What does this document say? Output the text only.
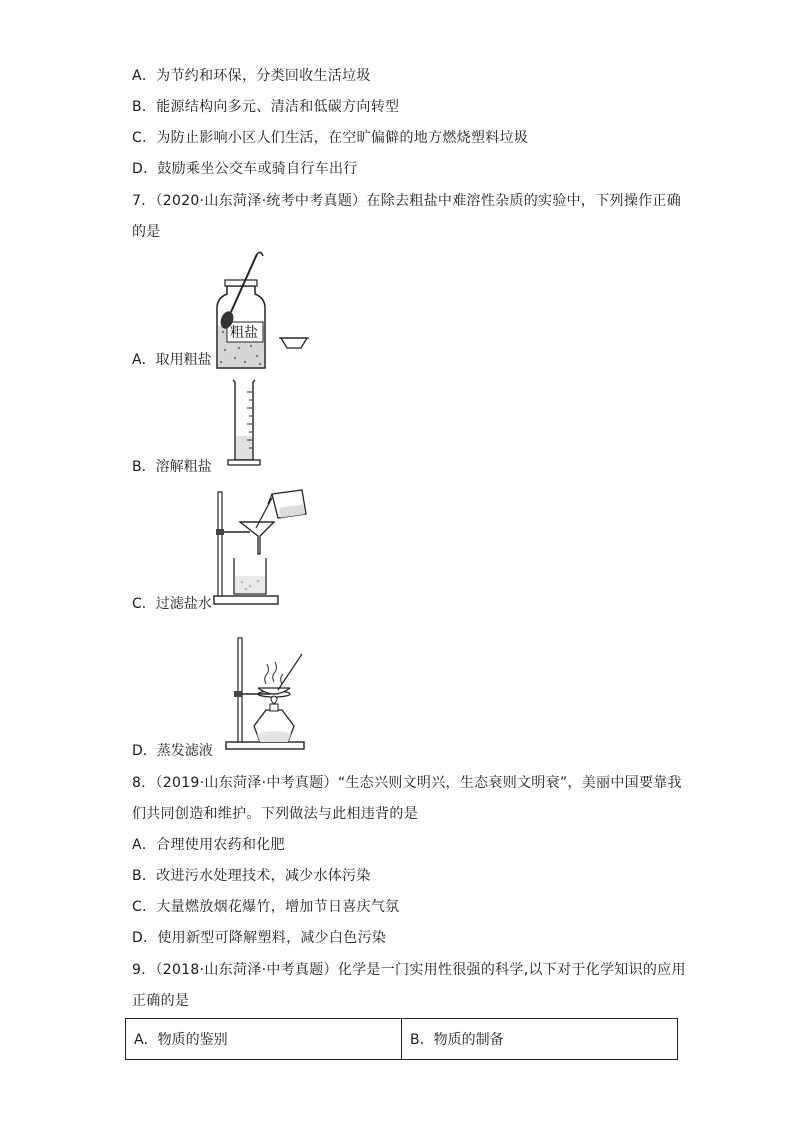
A．为节约和环保，分类回收生活垃圾
B．能源结构向多元、清洁和低碳方向转型
C．为防止影响小区人们生活，在空旷偏僻的地方燃烧塑料垃圾
D．鼓励乘坐公交车或骑自行车出行
7．（2020·山东菏泽·统考中考真题）在除去粗盐中难溶性杂质的实验中，下列操作正确
的是
粗盐
A．取用粗盐
B．溶解粗盐
C．过滤盐水
D．蒸发滤液
8．（2019·山东菏泽·中考真题）“生态兴则文明兴，生态衰则文明衰”，美丽中国要靠我
们共同创造和维护。下列做法与此相违背的是
A．合理使用农药和化肥
B．改进污水处理技术，减少水体污染
C．大量燃放烟花爆竹，增加节日喜庆气氛
D．使用新型可降解塑料，减少白色污染
9．（2018·山东菏泽·中考真题）化学是一门实用性很强的科学,以下对于化学知识的应用
正确的是
A．物质的鉴别	B．物质的制备
